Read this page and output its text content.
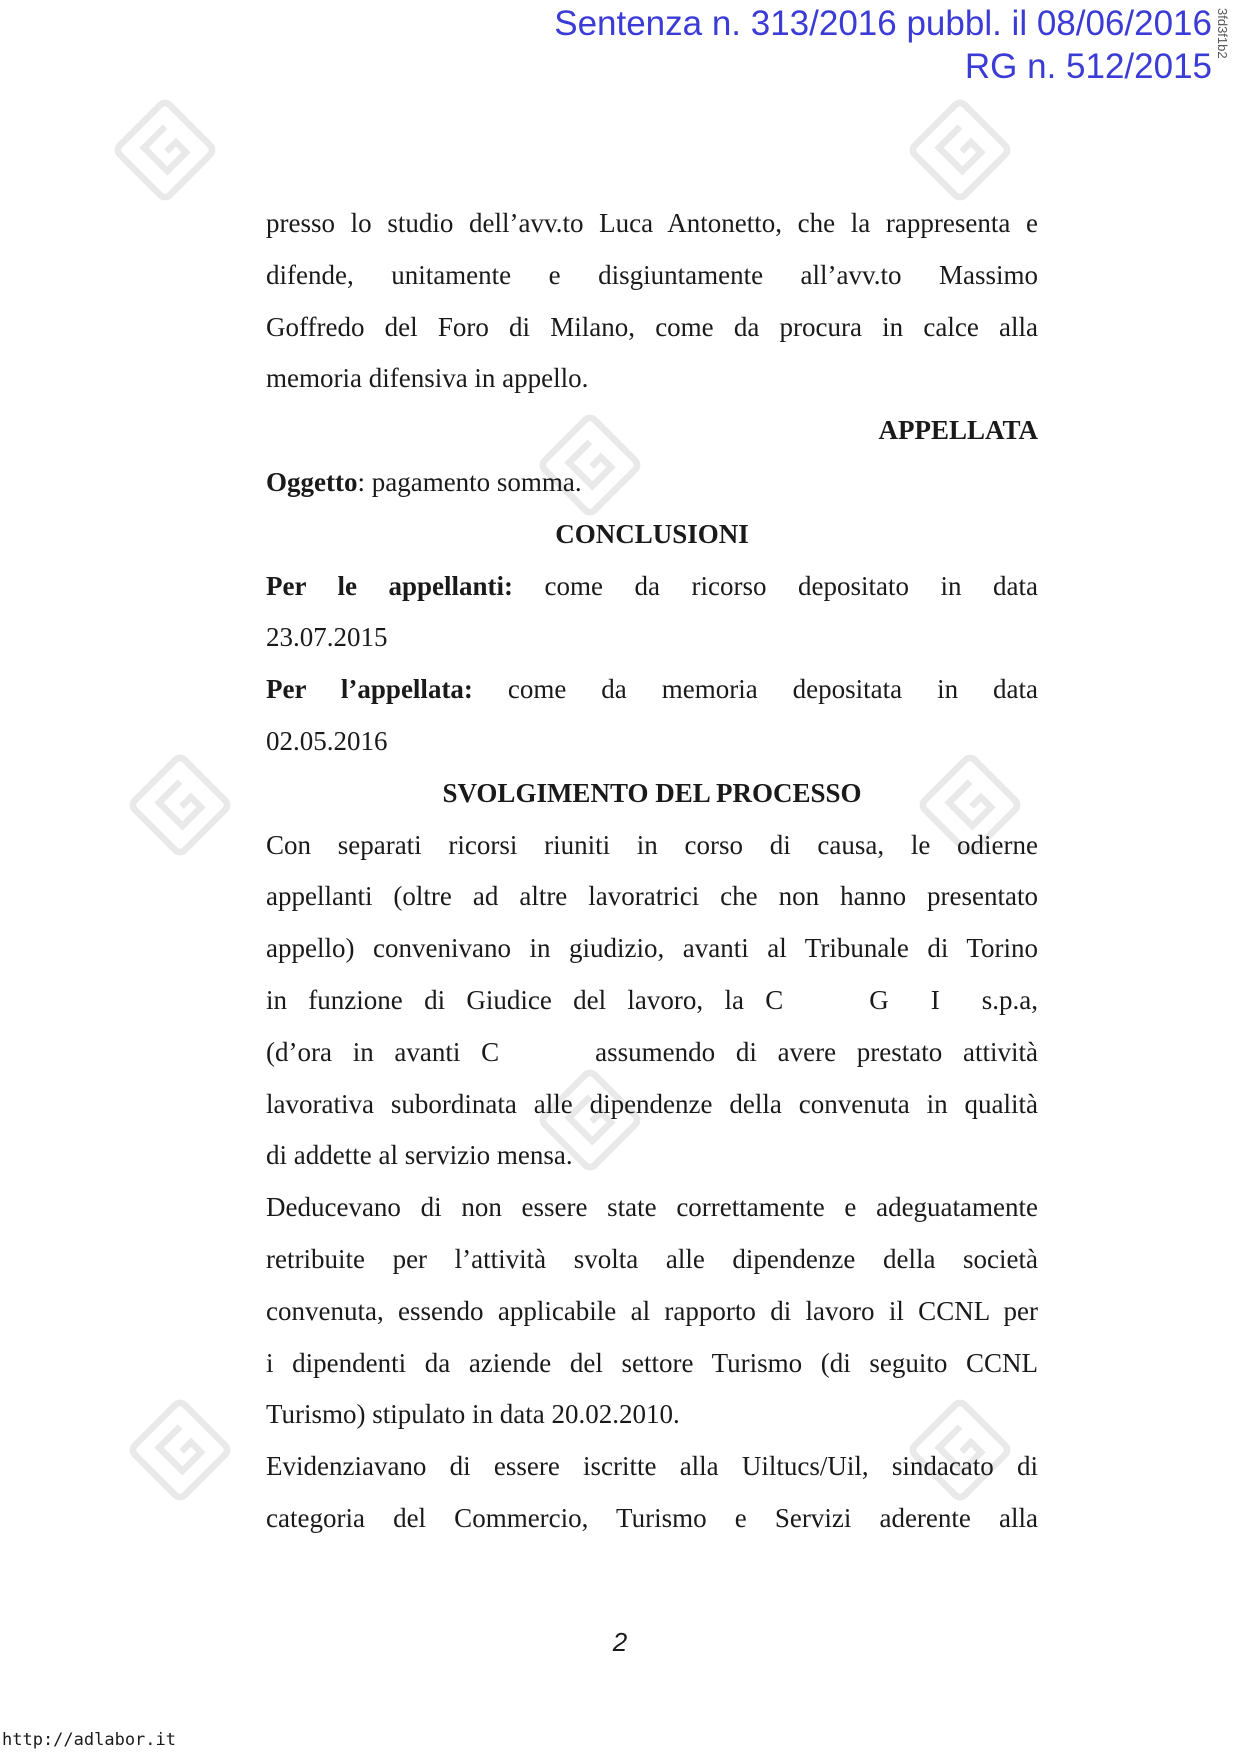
Sentenza n. 313/2016 pubbl. il 08/06/2016
RG n. 512/2015
3fd3f1b2

presso lo studio dell’avv.to Luca Antonetto, che la rappresenta e

difende, unitamente e disgiuntamente all’avv.to Massimo

Goffredo del Foro di Milano, come da procura in calce alla

memoria difensiva in appello.

APPELLATA

Oggetto: pagamento somma.

CONCLUSIONI

Per le appellanti: come da ricorso depositato in data

23.07.2015

Per l’appellata: come da memoria depositata in data

02.05.2016

SVOLGIMENTO DEL PROCESSO

Con separati ricorsi riuniti in corso di causa, le odierne

appellanti (oltre ad altre lavoratrici che non hanno presentato

appello) convenivano in giudizio, avanti al Tribunale di Torino

in funzione di Giudice del lavoro, la C	G I s.p.a,

(d’ora in avanti C	assumendo di avere prestato attività

lavorativa subordinata alle dipendenze della convenuta in qualità

di addette al servizio mensa.

Deducevano di non essere state correttamente e adeguatamente

retribuite per l’attività svolta alle dipendenze della società

convenuta, essendo applicabile al rapporto di lavoro il CCNL per

i dipendenti da aziende del settore Turismo (di seguito CCNL

Turismo) stipulato in data 20.02.2010.

Evidenziavano di essere iscritte alla Uiltucs/Uil, sindacato di

categoria del Commercio, Turismo e Servizi aderente alla

2
http://adlabor.it
